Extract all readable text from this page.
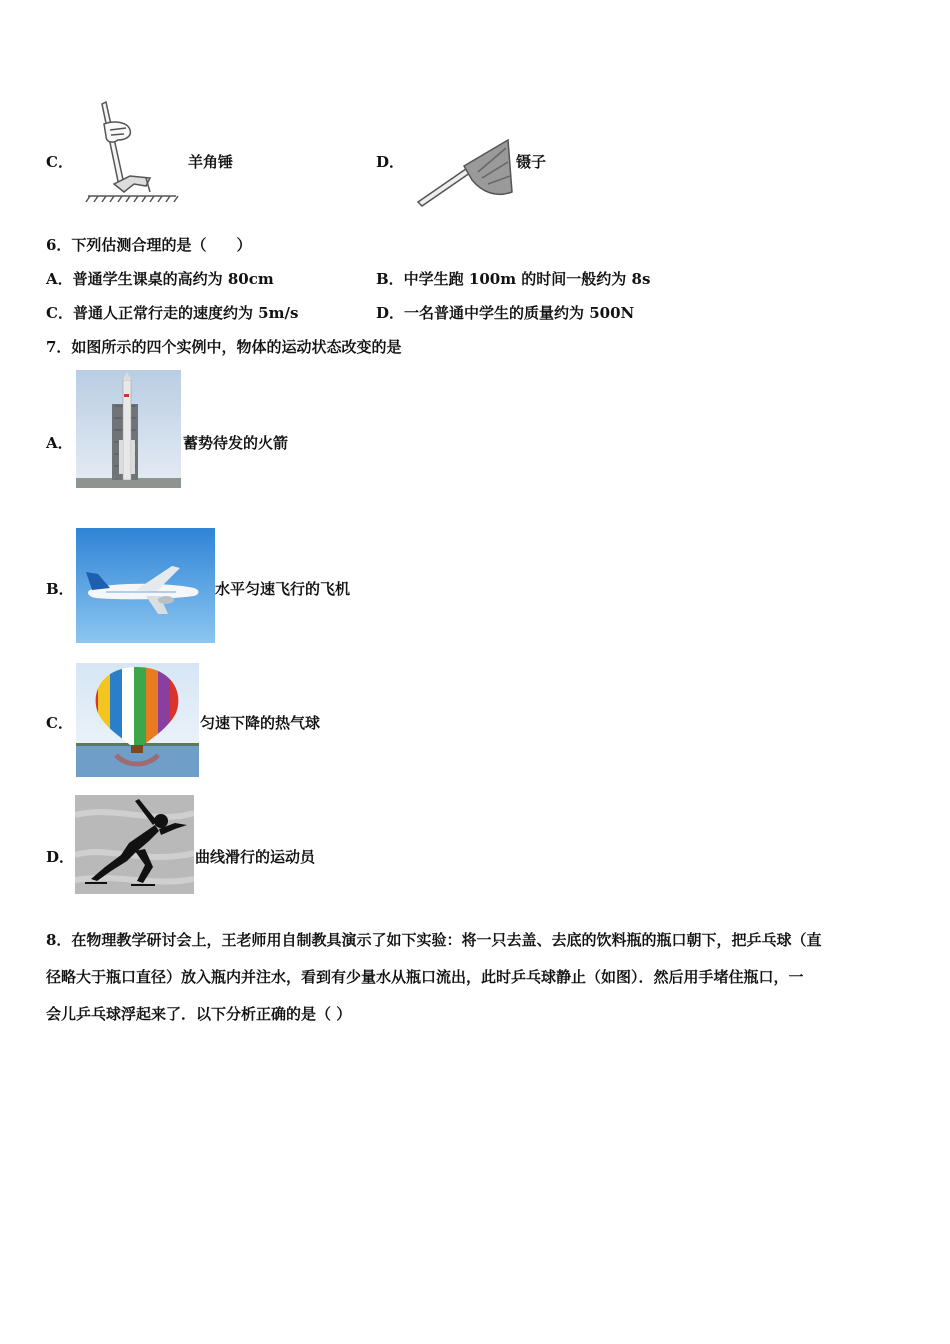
C．	羊角锤	D．	镊子
6．下列估测合理的是（　　）
A．普通学生课桌的高约为 80cm	B．中学生跑 100m 的时间一般约为 8s
C．普通人正常行走的速度约为 5m/s	D．一名普通中学生的质量约为 500N
7．如图所示的四个实例中，物体的运动状态改变的是
A．	蓄势待发的火箭
B．	水平匀速飞行的飞机
C．	匀速下降的热气球
D．	曲线滑行的运动员
8．在物理教学研讨会上，王老师用自制教具演示了如下实验：将一只去盖、去底的饮料瓶的瓶口朝下，把乒乓球（直
径略大于瓶口直径）放入瓶内并注水，看到有少量水从瓶口流出，此时乒乓球静止（如图）．然后用手堵住瓶口，一
会儿乒乓球浮起来了．以下分析正确的是（ ）
